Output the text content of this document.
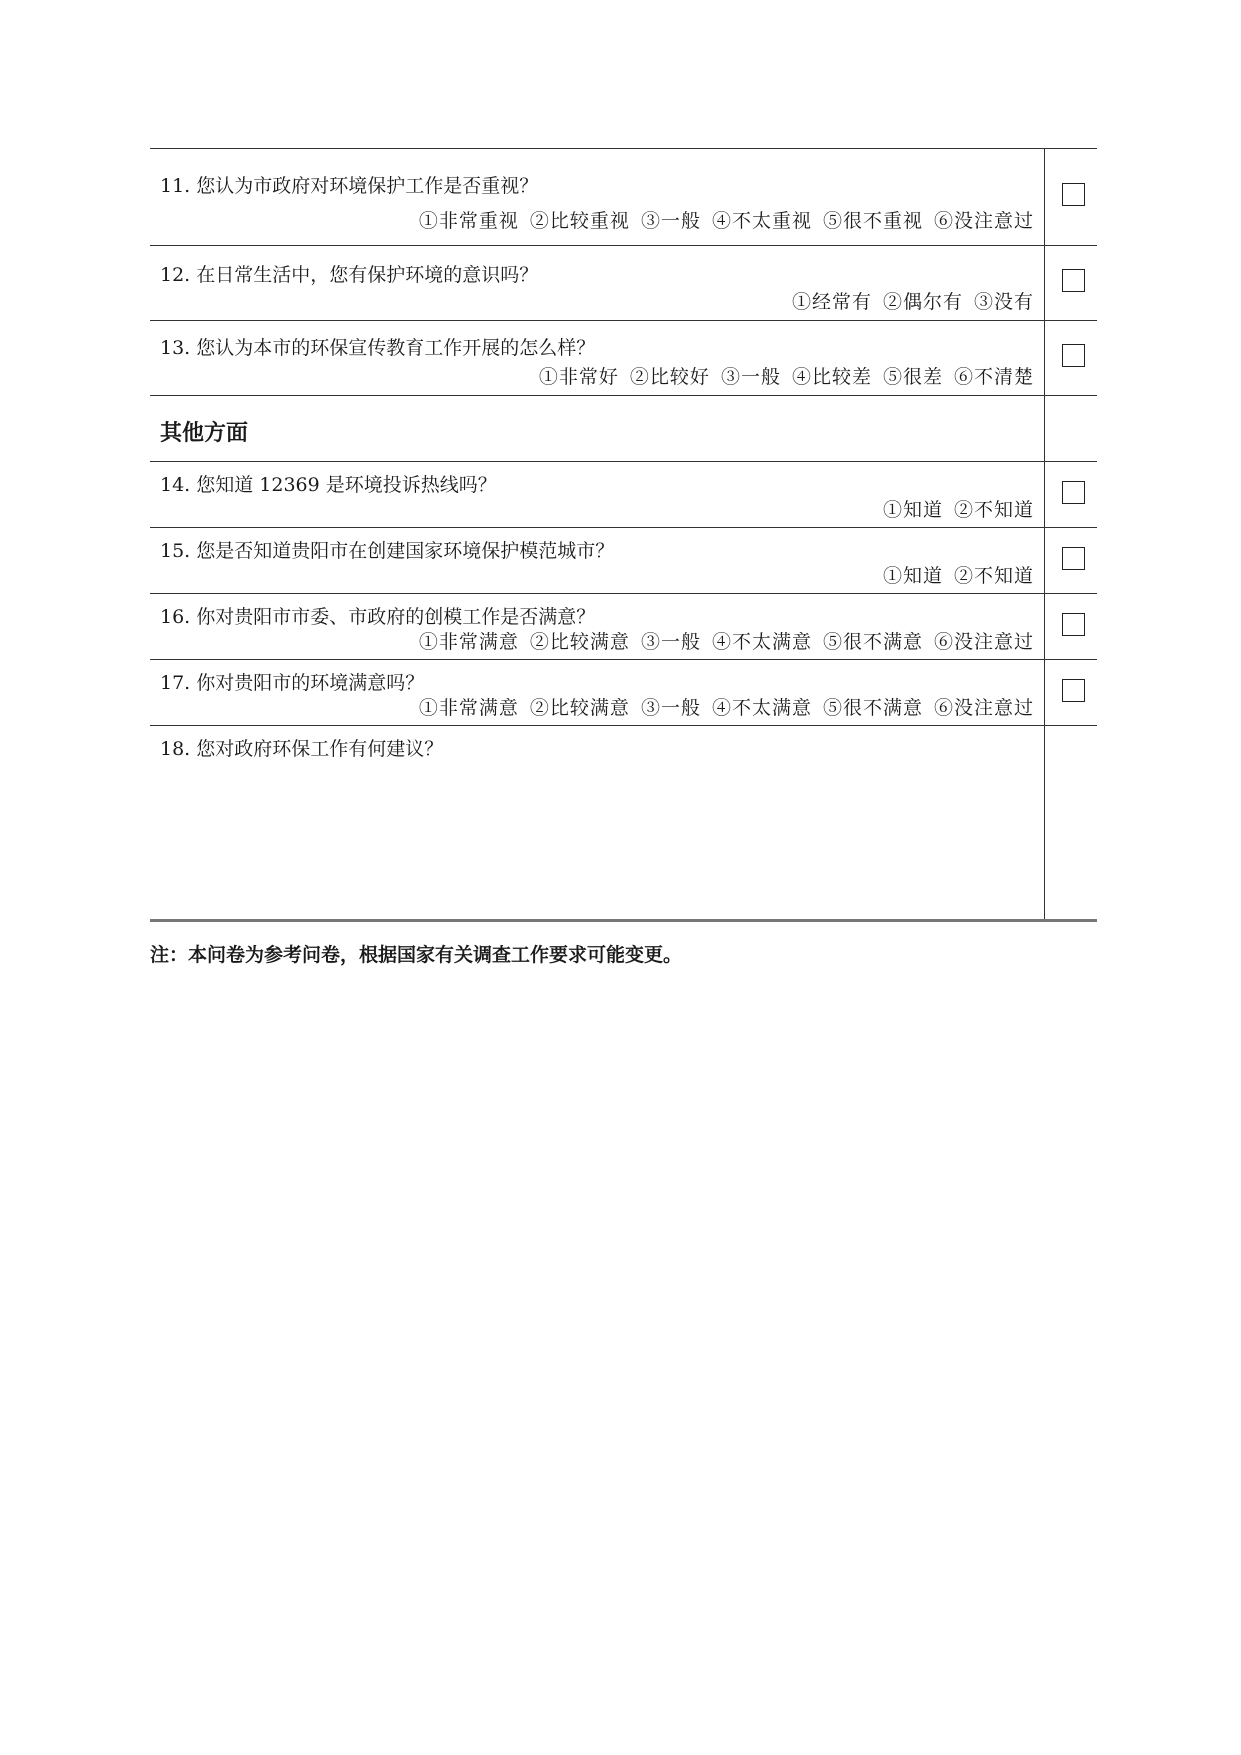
11. 您认为市政府对环境保护工作是否重视？
①非常重视 ②比较重视 ③一般 ④不太重视 ⑤很不重视 ⑥没注意过
12. 在日常生活中，您有保护环境的意识吗？
①经常有 ②偶尔有 ③没有
13. 您认为本市的环保宣传教育工作开展的怎么样？
①非常好 ②比较好 ③一般 ④比较差 ⑤很差 ⑥不清楚
其他方面
14. 您知道 12369 是环境投诉热线吗？
①知道 ②不知道
15. 您是否知道贵阳市在创建国家环境保护模范城市？
①知道 ②不知道
16. 你对贵阳市市委、市政府的创模工作是否满意？
①非常满意 ②比较满意 ③一般 ④不太满意 ⑤很不满意 ⑥没注意过
17. 你对贵阳市的环境满意吗？
①非常满意 ②比较满意 ③一般 ④不太满意 ⑤很不满意 ⑥没注意过
18. 您对政府环保工作有何建议？
注：本问卷为参考问卷，根据国家有关调查工作要求可能变更。
